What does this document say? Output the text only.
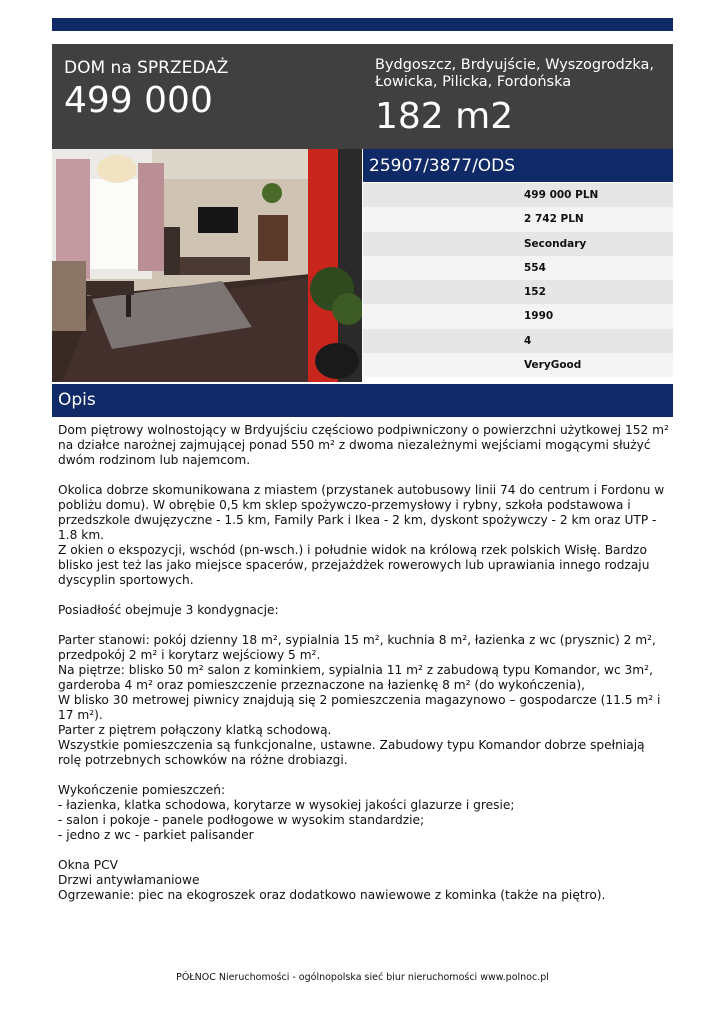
DOM na SPRZEDAŻ
499 000
Bydgoszcz, Brdyujście, Wyszogrodzka, Łowicka, Pilicka, Fordońska
182 m2
25907/3877/ODS
499 000 PLN
2 742 PLN
Secondary
554
152
1990
4
VeryGood
Opis

Dom piętrowy wolnostojący w Brdyujściu częściowo podpiwniczony o powierzchni użytkowej 152 m² na działce narożnej zajmującej ponad 550 m² z dwoma niezależnymi wejściami mogącymi służyć dwóm rodzinom lub najemcom.

Okolica dobrze skomunikowana z miastem (przystanek autobusowy linii 74 do centrum i Fordonu w pobliżu domu). W obrębie 0,5 km sklep spożywczo-przemysłowy i rybny, szkoła podstawowa i przedszkole dwujęzyczne - 1.5 km, Family Park i Ikea - 2 km, dyskont spożywczy - 2 km oraz UTP - 1.8 km.
Z okien o ekspozycji, wschód (pn-wsch.) i południe widok na królową rzek polskich Wisłę. Bardzo blisko jest też las jako miejsce spacerów, przejażdżek rowerowych lub uprawiania innego rodzaju dyscyplin sportowych.

Posiadłość obejmuje 3 kondygnacje:

Parter stanowi: pokój dzienny 18 m², sypialnia 15 m², kuchnia 8 m², łazienka z wc (prysznic) 2 m², przedpokój 2 m² i korytarz wejściowy 5 m².
Na piętrze: blisko 50 m² salon z kominkiem, sypialnia 11 m² z zabudową typu Komandor, wc 3m², garderoba 4 m² oraz pomieszczenie przeznaczone na łazienkę 8 m² (do wykończenia),
W blisko 30 metrowej piwnicy znajdują się 2 pomieszczenia magazynowo – gospodarcze (11.5 m² i 17 m²).
Parter z piętrem połączony klatką schodową.
Wszystkie pomieszczenia są funkcjonalne, ustawne. Zabudowy typu Komandor dobrze spełniają rolę potrzebnych schowków na różne drobiazgi.

Wykończenie pomieszczeń:
- łazienka, klatka schodowa, korytarze w wysokiej jakości glazurze i gresie;
- salon i pokoje - panele podłogowe w wysokim standardzie;
- jedno z wc - parkiet palisander

Okna PCV
Drzwi antywłamaniowe
Ogrzewanie: piec na ekogroszek oraz dodatkowo nawiewowe z kominka (także na piętro).

PÓŁNOC Nieruchomości - ogólnopolska sieć biur nieruchomości www.polnoc.pl
